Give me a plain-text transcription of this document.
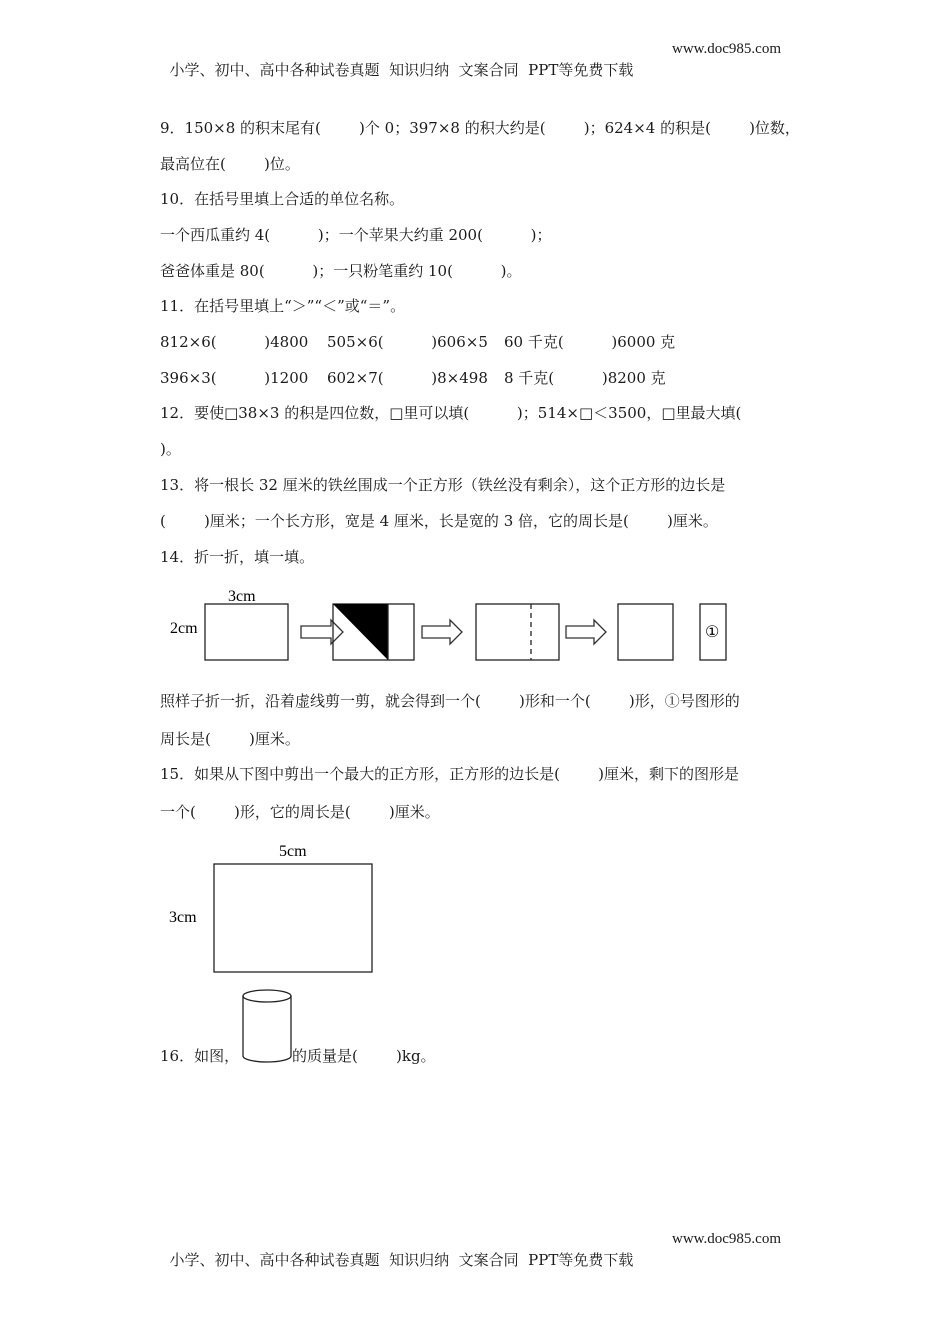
小学、初中、高中各种试卷真题  知识归纳  文案合同  PPT等免费下载

www.doc985.com

9．150×8 的积末尾有(        )个 0；397×8 的积大约是(        )；624×4 的积是(        )位数，
最高位在(        )位。
10．在括号里填上合适的单位名称。
一个西瓜重约 4(          )；一个苹果大约重 200(          )；
爸爸体重是 80(          )；一只粉笔重约 10(          )。
11．在括号里填上“＞”“＜”或“＝”。
812×6(          )4800 505×6(          )606×5 60 千克(          )6000 克
396×3(          )1200 602×7(          )8×498 8 千克(          )8200 克
12．要使□38×3 的积是四位数，□里可以填(          )；514×□＜3500，□里最大填(
)。
13．将一根长 32 厘米的铁丝围成一个正方形（铁丝没有剩余），这个正方形的边长是
(        )厘米；一个长方形，宽是 4 厘米，长是宽的 3 倍，它的周长是(        )厘米。
14．折一折，填一填。
3cm
2cm	①
照样子折一折，沿着虚线剪一剪，就会得到一个(        )形和一个(        )形，①号图形的
周长是(        )厘米。
15．如果从下图中剪出一个最大的正方形，正方形的边长是(        )厘米，剩下的图形是
一个(        )形，它的周长是(        )厘米。
5cm
3cm
16．如图，	的质量是(        )kg。

小学、初中、高中各种试卷真题  知识归纳  文案合同  PPT等免费下载

www.doc985.com
